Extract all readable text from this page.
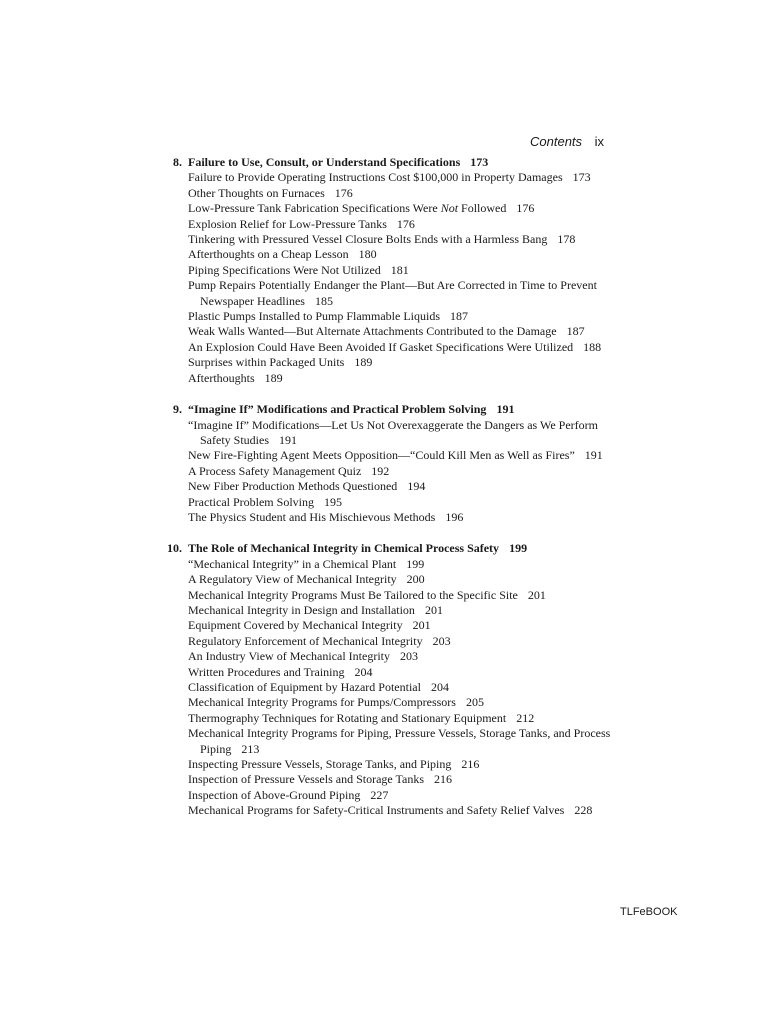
Contents ix
8. Failure to Use, Consult, or Understand Specifications 173
Failure to Provide Operating Instructions Cost $100,000 in Property Damages 173
Other Thoughts on Furnaces 176
Low-Pressure Tank Fabrication Specifications Were Not Followed 176
Explosion Relief for Low-Pressure Tanks 176
Tinkering with Pressured Vessel Closure Bolts Ends with a Harmless Bang 178
Afterthoughts on a Cheap Lesson 180
Piping Specifications Were Not Utilized 181
Pump Repairs Potentially Endanger the Plant—But Are Corrected in Time to Prevent Newspaper Headlines 185
Plastic Pumps Installed to Pump Flammable Liquids 187
Weak Walls Wanted—But Alternate Attachments Contributed to the Damage 187
An Explosion Could Have Been Avoided If Gasket Specifications Were Utilized 188
Surprises within Packaged Units 189
Afterthoughts 189
9. “Imagine If” Modifications and Practical Problem Solving 191
“Imagine If” Modifications—Let Us Not Overexaggerate the Dangers as We Perform Safety Studies 191
New Fire-Fighting Agent Meets Opposition—“Could Kill Men as Well as Fires” 191
A Process Safety Management Quiz 192
New Fiber Production Methods Questioned 194
Practical Problem Solving 195
The Physics Student and His Mischievous Methods 196
10. The Role of Mechanical Integrity in Chemical Process Safety 199
“Mechanical Integrity” in a Chemical Plant 199
A Regulatory View of Mechanical Integrity 200
Mechanical Integrity Programs Must Be Tailored to the Specific Site 201
Mechanical Integrity in Design and Installation 201
Equipment Covered by Mechanical Integrity 201
Regulatory Enforcement of Mechanical Integrity 203
An Industry View of Mechanical Integrity 203
Written Procedures and Training 204
Classification of Equipment by Hazard Potential 204
Mechanical Integrity Programs for Pumps/Compressors 205
Thermography Techniques for Rotating and Stationary Equipment 212
Mechanical Integrity Programs for Piping, Pressure Vessels, Storage Tanks, and Process Piping 213
Inspecting Pressure Vessels, Storage Tanks, and Piping 216
Inspection of Pressure Vessels and Storage Tanks 216
Inspection of Above-Ground Piping 227
Mechanical Programs for Safety-Critical Instruments and Safety Relief Valves 228
TLFeBOOK
